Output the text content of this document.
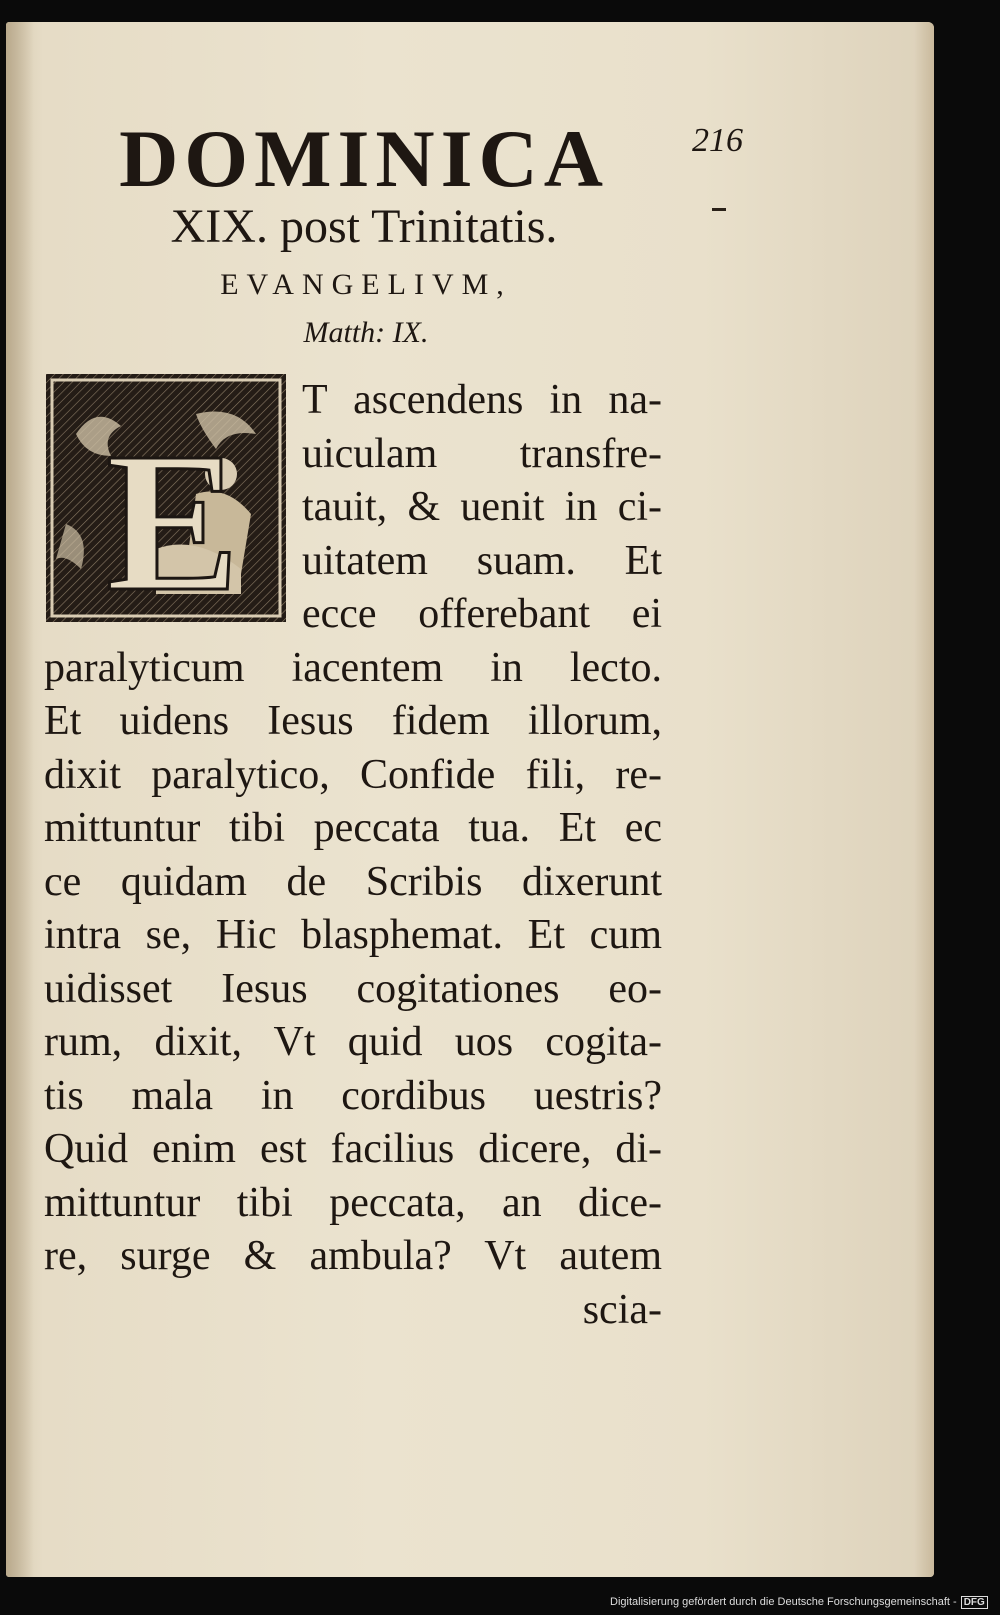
DOMINICA	216
XIX. post Trinitatis.
EVANGELIVM,
Matth: IX.
E
T ascendens in na-
uiculam transfre-
tauit, & uenit in ci-
uitatem suam. Et
ecce offerebant ei
paralyticum iacentem in lecto.
Et uidens Iesus fidem illorum,
dixit paralytico, Confide fili, re-
mittuntur tibi peccata tua. Et ec
ce quidam de Scribis dixerunt
intra se, Hic blasphemat. Et cum
uidisset Iesus cogitationes eo-
rum, dixit, Vt quid uos cogita-
tis mala in cordibus uestris?
Quid enim est facilius dicere, di-
mittuntur tibi peccata, an dice-
re, surge & ambula? Vt autem
scia-
Digitalisierung gefördert durch die Deutsche Forschungsgemeinschaft - DFG
